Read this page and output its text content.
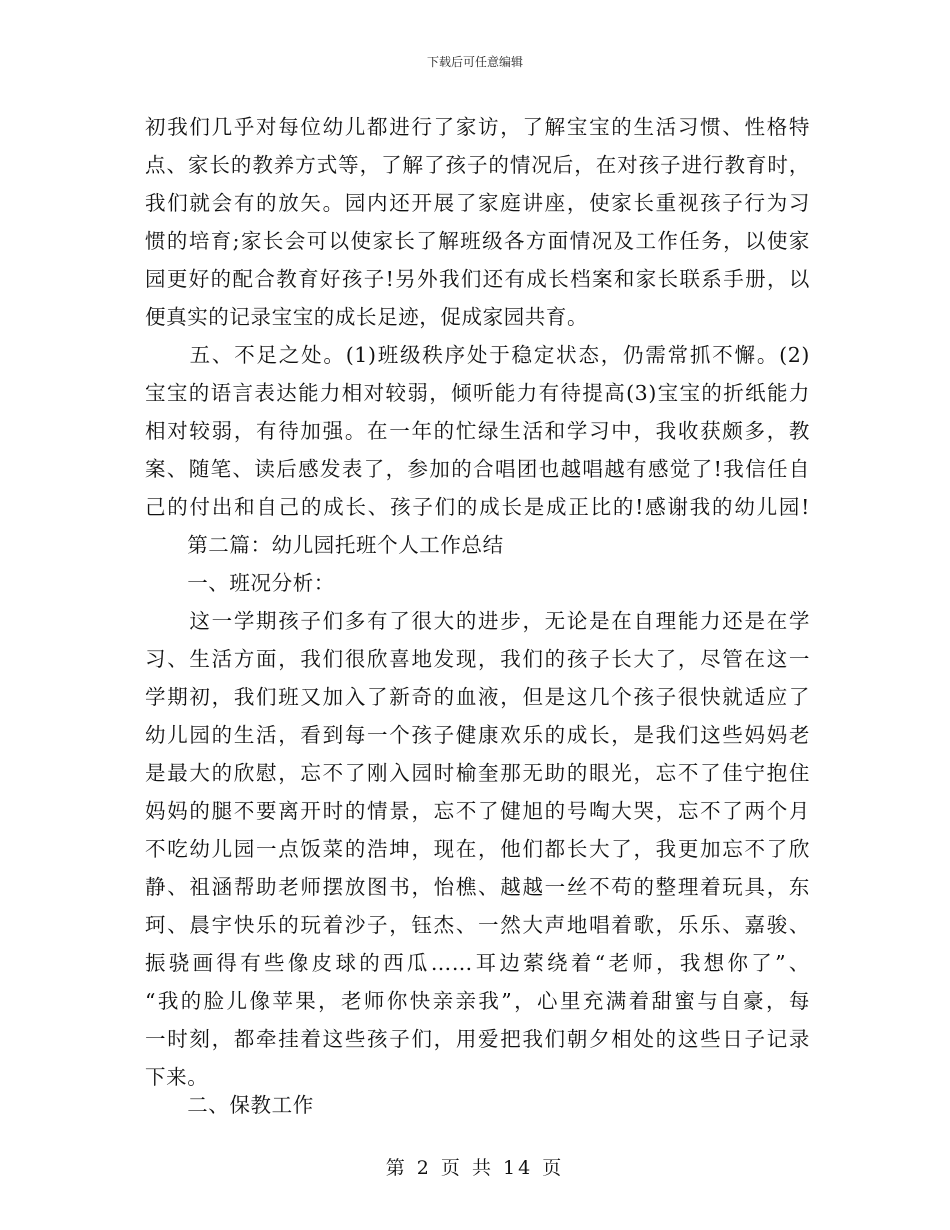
下载后可任意编辑
初我们几乎对每位幼儿都进行了家访，了解宝宝的生活习惯、性格特
点、家长的教养方式等，了解了孩子的情况后，在对孩子进行教育时，
我们就会有的放矢。园内还开展了家庭讲座，使家长重视孩子行为习
惯的培育;家长会可以使家长了解班级各方面情况及工作任务，以使家
园更好的配合教育好孩子!另外我们还有成长档案和家长联系手册，以
便真实的记录宝宝的成长足迹，促成家园共育。
　　五、不足之处。(1)班级秩序处于稳定状态，仍需常抓不懈。(2)
宝宝的语言表达能力相对较弱，倾听能力有待提高(3)宝宝的折纸能力
相对较弱，有待加强。在一年的忙绿生活和学习中，我收获颇多，教
案、随笔、读后感发表了，参加的合唱团也越唱越有感觉了!我信任自
己的付出和自己的成长、孩子们的成长是成正比的!感谢我的幼儿园!
　　第二篇：幼儿园托班个人工作总结
　　一、班况分析：
　　这一学期孩子们多有了很大的进步，无论是在自理能力还是在学
习、生活方面，我们很欣喜地发现，我们的孩子长大了，尽管在这一
学期初，我们班又加入了新奇的血液，但是这几个孩子很快就适应了
幼儿园的生活，看到每一个孩子健康欢乐的成长，是我们这些妈妈老
是最大的欣慰，忘不了刚入园时榆奎那无助的眼光，忘不了佳宁抱住
妈妈的腿不要离开时的情景，忘不了健旭的号啕大哭，忘不了两个月
不吃幼儿园一点饭菜的浩坤，现在，他们都长大了，我更加忘不了欣
静、祖涵帮助老师摆放图书，怡樵、越越一丝不苟的整理着玩具，东
珂、晨宇快乐的玩着沙子，钰杰、一然大声地唱着歌，乐乐、嘉骏、
振骁画得有些像皮球的西瓜……耳边萦绕着“老师，我想你了”、
“我的脸儿像苹果，老师你快亲亲我”，心里充满着甜蜜与自豪，每
一时刻，都牵挂着这些孩子们，用爱把我们朝夕相处的这些日子记录
下来。
　　二、保教工作
第 2 页 共 14 页
